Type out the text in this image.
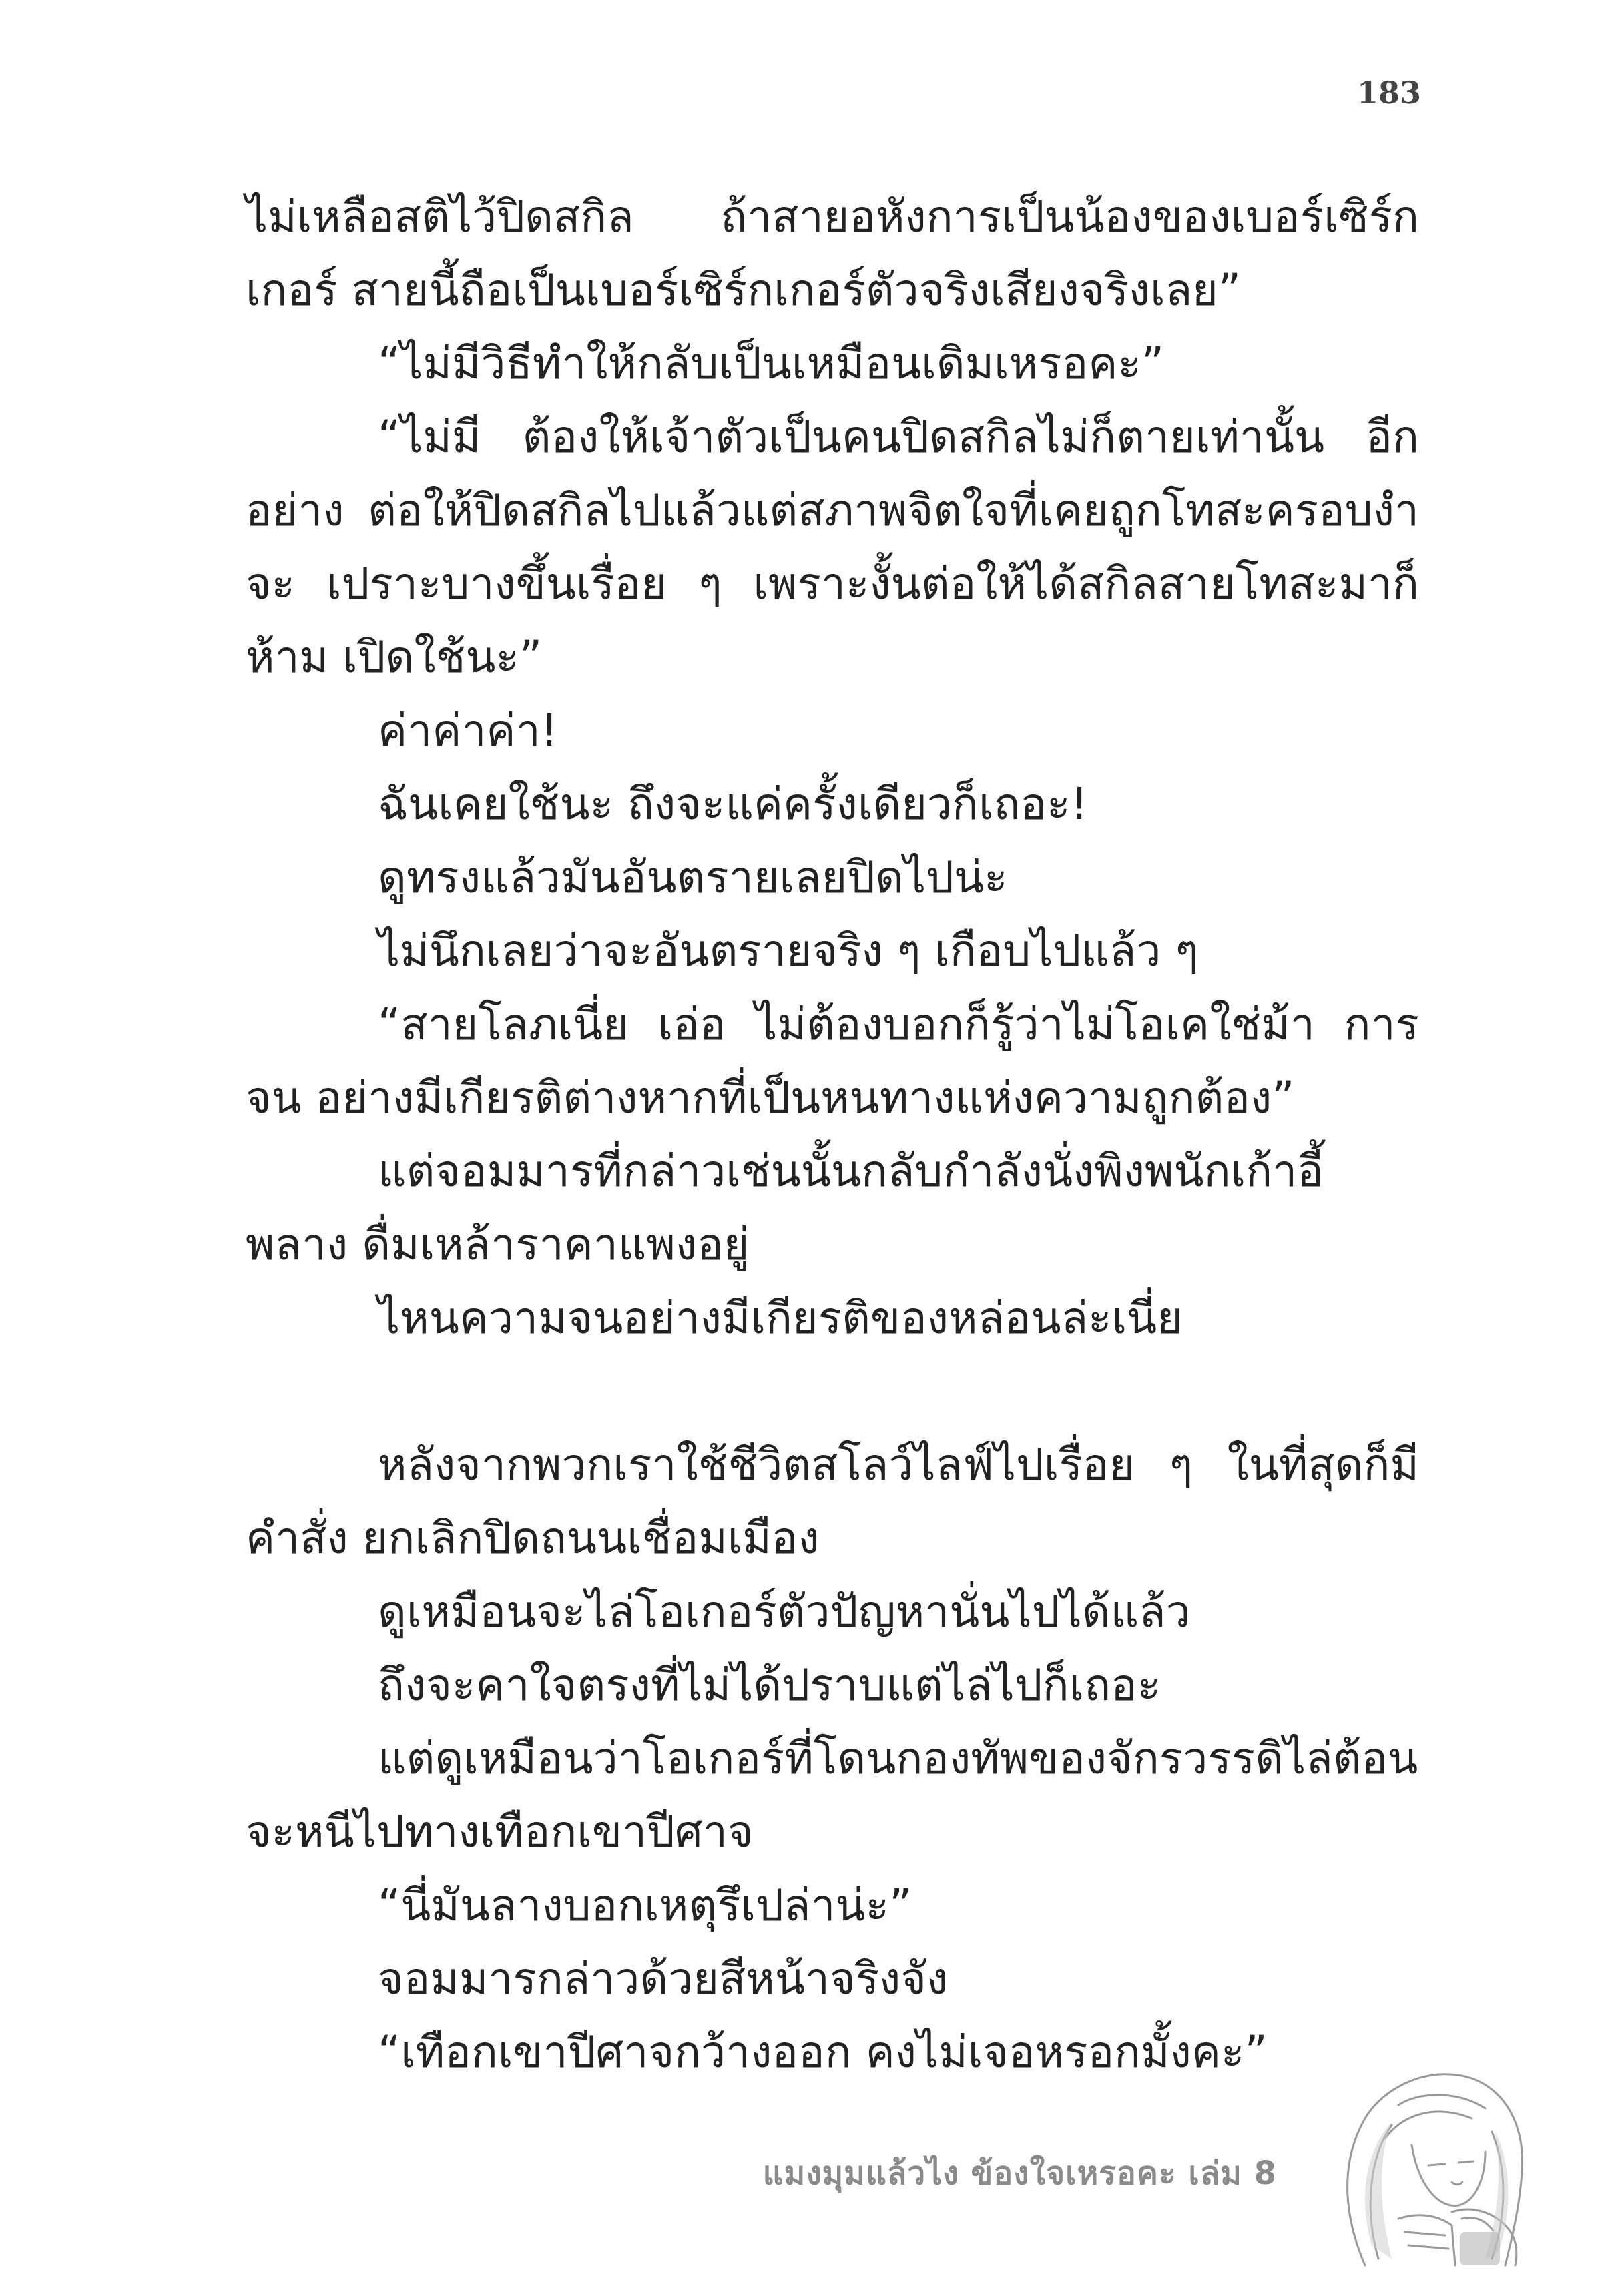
183

ไม่เหลือสติไว้ปิดสกิล ถ้าสายอหังการเป็นน้องของเบอร์เซิร์กเกอร์ สายนี้ถือเป็นเบอร์เซิร์กเกอร์ตัวจริงเสียงจริงเลย”

“ไม่มีวิธีทำให้กลับเป็นเหมือนเดิมเหรอคะ”

“ไม่มี ต้องให้เจ้าตัวเป็นคนปิดสกิลไม่ก็ตายเท่านั้น อีกอย่าง ต่อให้ปิดสกิลไปแล้วแต่สภาพจิตใจที่เคยถูกโทสะครอบงำจะ เปราะบางขึ้นเรื่อย ๆ เพราะงั้นต่อให้ได้สกิลสายโทสะมาก็ห้าม เปิดใช้นะ”

ค่าค่าค่า!

ฉันเคยใช้นะ ถึงจะแค่ครั้งเดียวก็เถอะ!

ดูทรงแล้วมันอันตรายเลยปิดไปน่ะ

ไม่นึกเลยว่าจะอันตรายจริง ๆ เกือบไปแล้ว ๆ

“สายโลภเนี่ย เอ่อ ไม่ต้องบอกก็รู้ว่าไม่โอเคใช่ม้า การจน อย่างมีเกียรติต่างหากที่เป็นหนทางแห่งความถูกต้อง”

แต่จอมมารที่กล่าวเช่นนั้นกลับกำลังนั่งพิงพนักเก้าอี้พลาง ดื่มเหล้าราคาแพงอยู่

ไหนความจนอย่างมีเกียรติของหล่อนล่ะเนี่ย

หลังจากพวกเราใช้ชีวิตสโลว์ไลฟ์ไปเรื่อย ๆ ในที่สุดก็มีคำสั่ง ยกเลิกปิดถนนเชื่อมเมือง

ดูเหมือนจะไล่โอเกอร์ตัวปัญหานั่นไปได้แล้ว

ถึงจะคาใจตรงที่ไม่ได้ปราบแต่ไล่ไปก็เถอะ

แต่ดูเหมือนว่าโอเกอร์ที่โดนกองทัพของจักรวรรดิไล่ต้อน จะหนีไปทางเทือกเขาปีศาจ

“นี่มันลางบอกเหตุรึเปล่าน่ะ”

จอมมารกล่าวด้วยสีหน้าจริงจัง

“เทือกเขาปีศาจกว้างออก คงไม่เจอหรอกมั้งคะ”

แมงมุมแล้วไง ข้องใจเหรอคะ เล่ม 8
